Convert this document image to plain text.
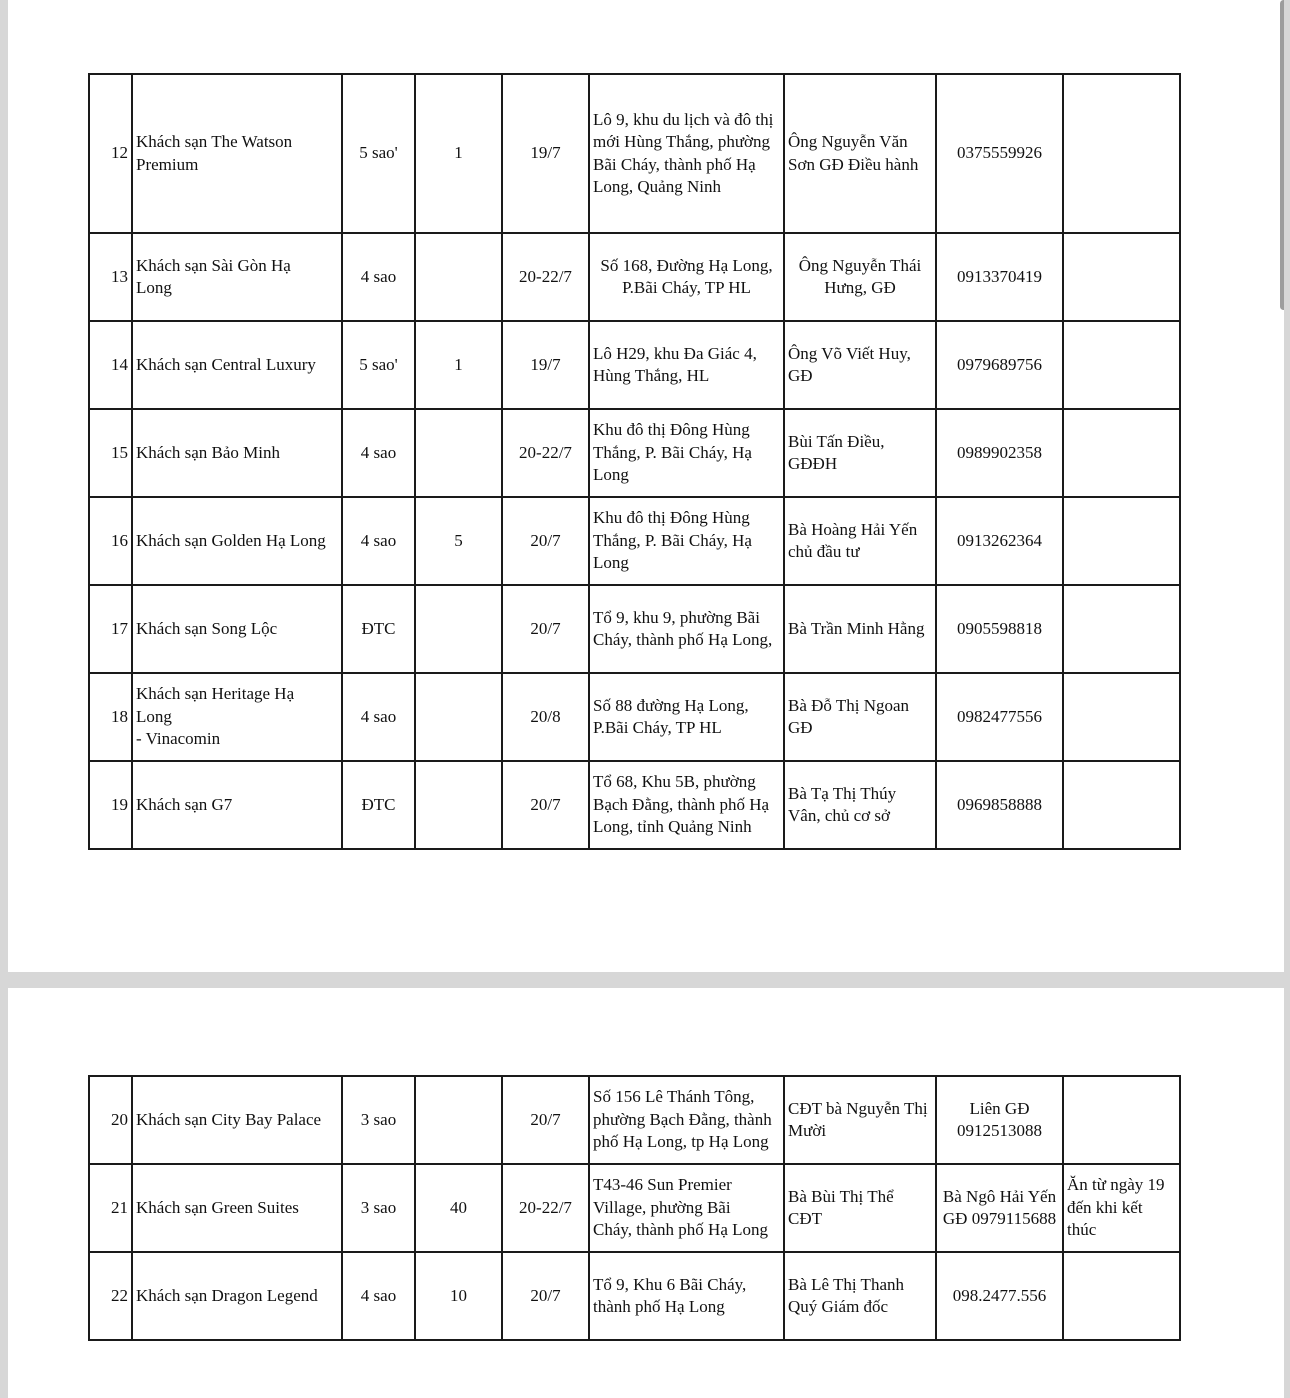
12	Khách sạn The Watson
Premium	5 sao'	1	19/7	Lô 9, khu du lịch và đô thị
mới Hùng Thắng, phường
Bãi Cháy, thành phố Hạ
Long, Quảng Ninh	Ông Nguyễn Văn
Sơn GĐ Điều hành	0375559926	

13	Khách sạn Sài Gòn Hạ
Long	4 sao		20-22/7	Số 168, Đường Hạ Long,
P.Bãi Cháy, TP HL	Ông Nguyễn Thái
Hưng, GĐ	0913370419	

14	Khách sạn Central Luxury	5 sao'	1	19/7	Lô H29, khu Đa Giác 4,
Hùng Thắng, HL	Ông Võ Viết Huy,
GĐ	0979689756	

15	Khách sạn Bảo Minh	4 sao		20-22/7	Khu đô thị Đông Hùng
Thắng, P. Bãi Cháy, Hạ
Long	Bùi Tấn Điều,
GĐĐH	0989902358	

16	Khách sạn Golden Hạ Long	4 sao	5	20/7	Khu đô thị Đông Hùng
Thắng, P. Bãi Cháy, Hạ
Long	Bà Hoàng Hải Yến
chủ đầu tư	0913262364	

17	Khách sạn Song Lộc	ĐTC		20/7	Tổ 9, khu 9, phường Bãi
Cháy, thành phố Hạ Long,	Bà Trần Minh Hằng	0905598818	

18	Khách sạn Heritage Hạ
Long
- Vinacomin	4 sao		20/8	Số 88 đường Hạ Long,
P.Bãi Cháy, TP HL	Bà Đỗ Thị Ngoan
GĐ	0982477556	

19	Khách sạn G7	ĐTC		20/7	Tổ 68, Khu 5B, phường
Bạch Đằng, thành phố Hạ
Long, tỉnh Quảng Ninh	Bà Tạ Thị Thúy
Vân, chủ cơ sở	0969858888	

20	Khách sạn City Bay Palace	3 sao		20/7	Số 156 Lê Thánh Tông,
phường Bạch Đằng, thành
phố Hạ Long, tp Hạ Long	CĐT bà Nguyễn Thị
Mười	Liên GĐ
0912513088	

21	Khách sạn Green Suites	3 sao	40	20-22/7	T43-46 Sun Premier
Village, phường Bãi
Cháy, thành phố Hạ Long	Bà Bùi Thị Thể
CĐT	Bà Ngô Hải Yến
GĐ 0979115688	Ăn từ ngày 19
đến khi kết
thúc

22	Khách sạn Dragon Legend	4 sao	10	20/7	Tổ 9, Khu 6 Bãi Cháy,
thành phố Hạ Long	Bà Lê Thị Thanh
Quý Giám đốc	098.2477.556	
